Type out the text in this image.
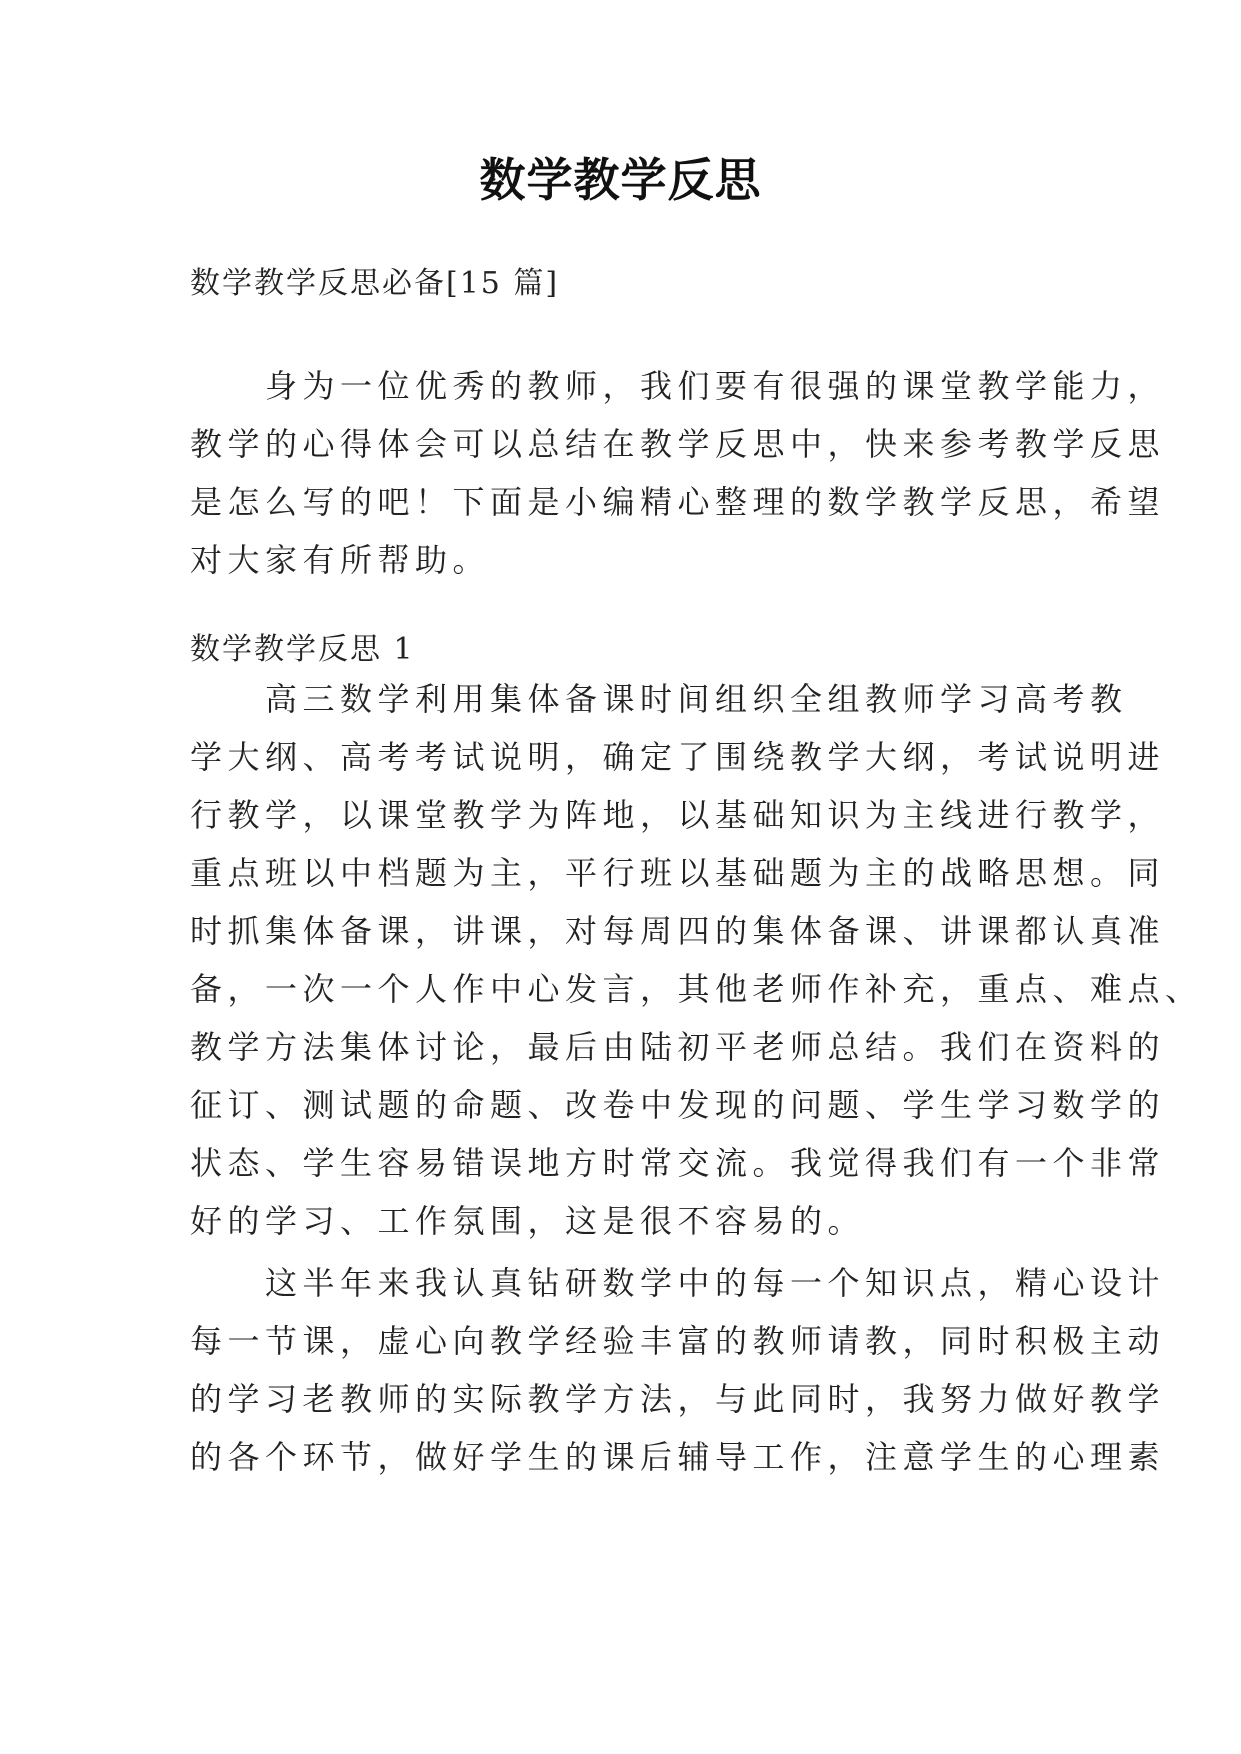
数学教学反思
数学教学反思必备[15 篇]
　　身为一位优秀的教师，我们要有很强的课堂教学能力，
教学的心得体会可以总结在教学反思中，快来参考教学反思
是怎么写的吧！下面是小编精心整理的数学教学反思，希望
对大家有所帮助。
数学教学反思 1
　　高三数学利用集体备课时间组织全组教师学习高考教
学大纲、高考考试说明，确定了围绕教学大纲，考试说明进
行教学，以课堂教学为阵地，以基础知识为主线进行教学，
重点班以中档题为主，平行班以基础题为主的战略思想。同
时抓集体备课，讲课，对每周四的集体备课、讲课都认真准
备，一次一个人作中心发言，其他老师作补充，重点、难点、
教学方法集体讨论，最后由陆初平老师总结。我们在资料的
征订、测试题的命题、改卷中发现的问题、学生学习数学的
状态、学生容易错误地方时常交流。我觉得我们有一个非常
好的学习、工作氛围，这是很不容易的。
　　这半年来我认真钻研数学中的每一个知识点，精心设计
每一节课，虚心向教学经验丰富的教师请教，同时积极主动
的学习老教师的实际教学方法，与此同时，我努力做好教学
的各个环节，做好学生的课后辅导工作，注意学生的心理素
